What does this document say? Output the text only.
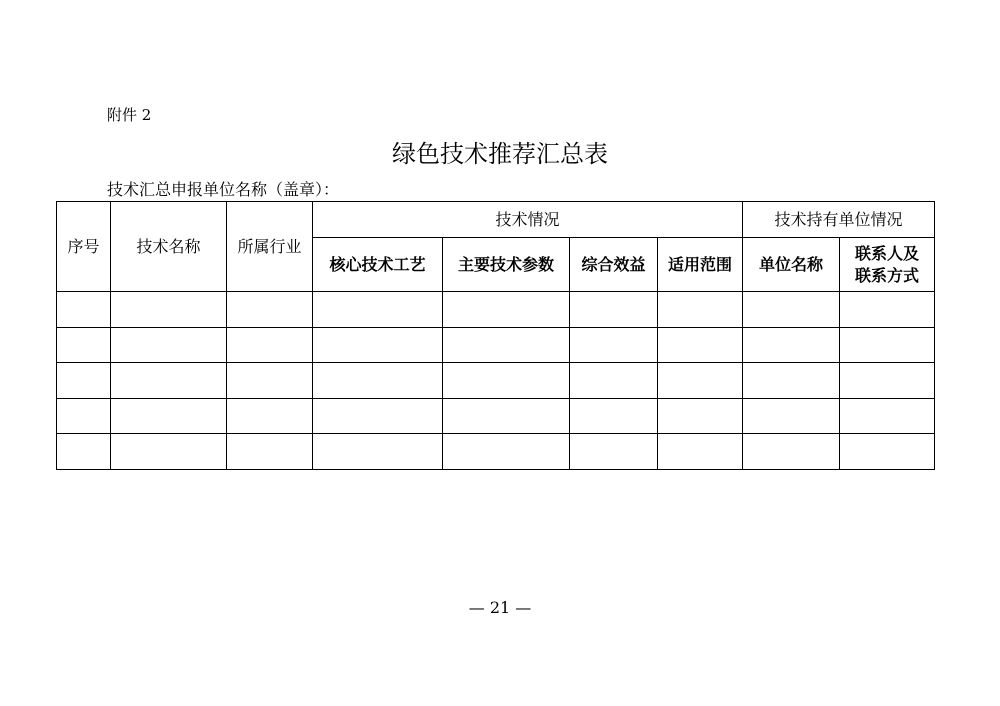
附件 2
绿色技术推荐汇总表
技术汇总申报单位名称（盖章）：
序号	技术名称	所属行业	技术情况				技术持有单位情况	
			核心技术工艺	主要技术参数	综合效益	适用范围	单位名称	联系人及
联系方式

— 21 —
